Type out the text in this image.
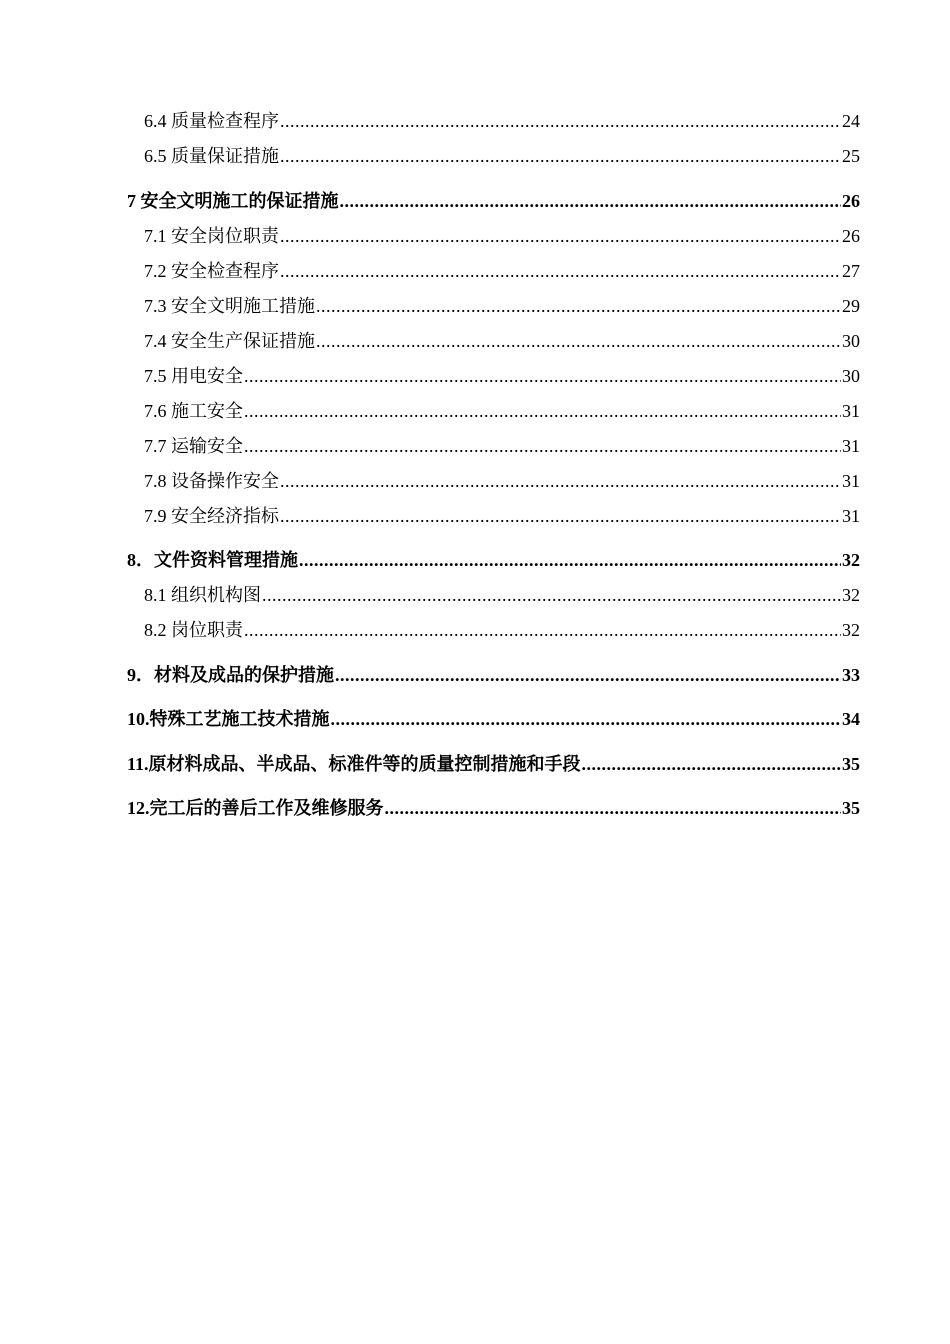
6.4 质量检查程序 .....	24
6.5 质量保证措施 .....	25
7 安全文明施工的保证措施 .....	26
7.1 安全岗位职责 .....	26
7.2 安全检查程序 .....	27
7.3 安全文明施工措施 .....	29
7.4 安全生产保证措施 .....	30
7.5 用电安全 .....	30
7.6 施工安全 .....	31
7.7 运输安全 .....	31
7.8 设备操作安全 .....	31
7.9 安全经济指标 .....	31
8．文件资料管理措施 .....	32
8.1 组织机构图 .....	32
8.2 岗位职责 .....	32
9．材料及成品的保护措施 .....	33
10.特殊工艺施工技术措施 .....	34
11.原材料成品、半成品、标准件等的质量控制措施和手段 .....	35
12.完工后的善后工作及维修服务 .....	35
